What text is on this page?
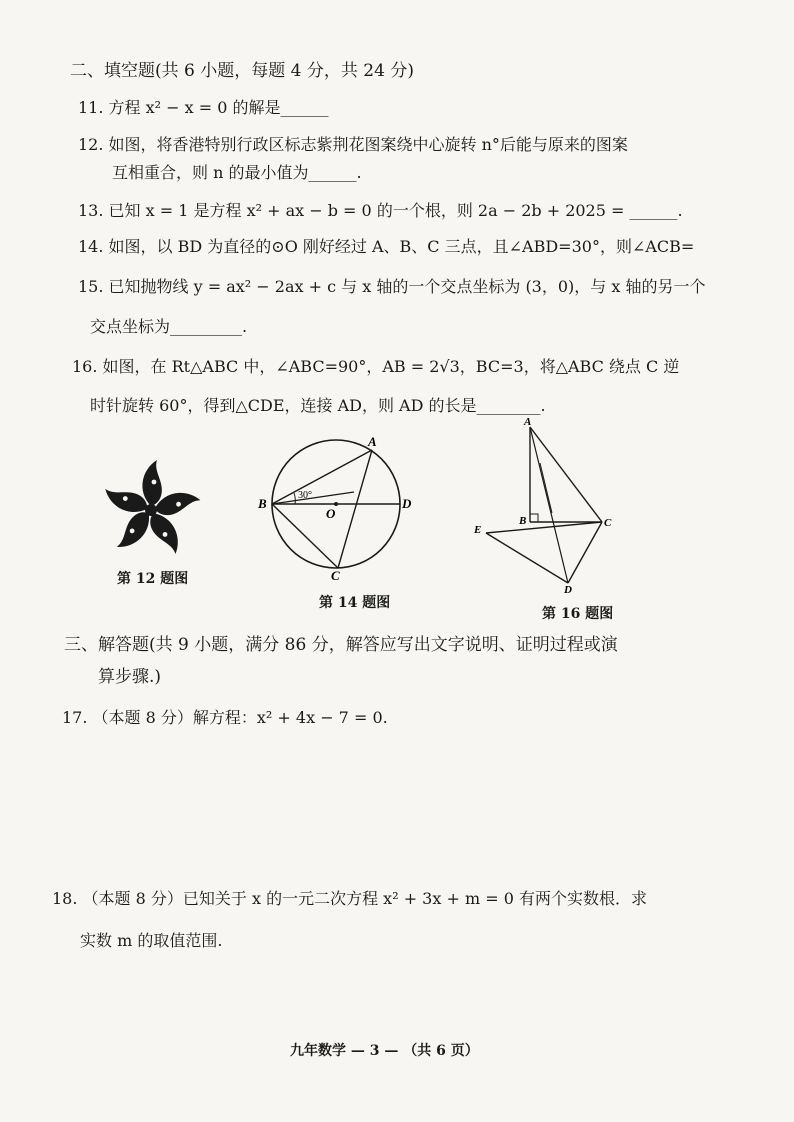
二、填空题(共 6 小题，每题 4 分，共 24 分)
11. 方程 x² − x = 0 的解是______
12. 如图，将香港特别行政区标志紫荆花图案绕中心旋转 n°后能与原来的图案
互相重合，则 n 的最小值为______.
13. 已知 x = 1 是方程 x² + ax − b = 0 的一个根，则 2a − 2b + 2025 = ______.
14. 如图，以 BD 为直径的⊙O 刚好经过 A、B、C 三点，且∠ABD=30°，则∠ACB=
15. 已知抛物线 y = ax² − 2ax + c 与 x 轴的一个交点坐标为 (3，0)，与 x 轴的另一个
交点坐标为_________.
16. 如图，在 Rt△ABC 中，∠ABC=90°，AB = 2√3，BC=3，将△ABC 绕点 C 逆
时针旋转 60°，得到△CDE，连接 AD，则 AD 的长是________.
第 12 题图
A
B	D
C
O
30°
第 14 题图
A
B	C
D
E
第 16 题图
三、解答题(共 9 小题，满分 86 分，解答应写出文字说明、证明过程或演
算步骤.)
17. （本题 8 分）解方程：x² + 4x − 7 = 0.
18. （本题 8 分）已知关于 x 的一元二次方程 x² + 3x + m = 0 有两个实数根．求
实数 m 的取值范围.
九年数学 — 3 — （共 6 页）
